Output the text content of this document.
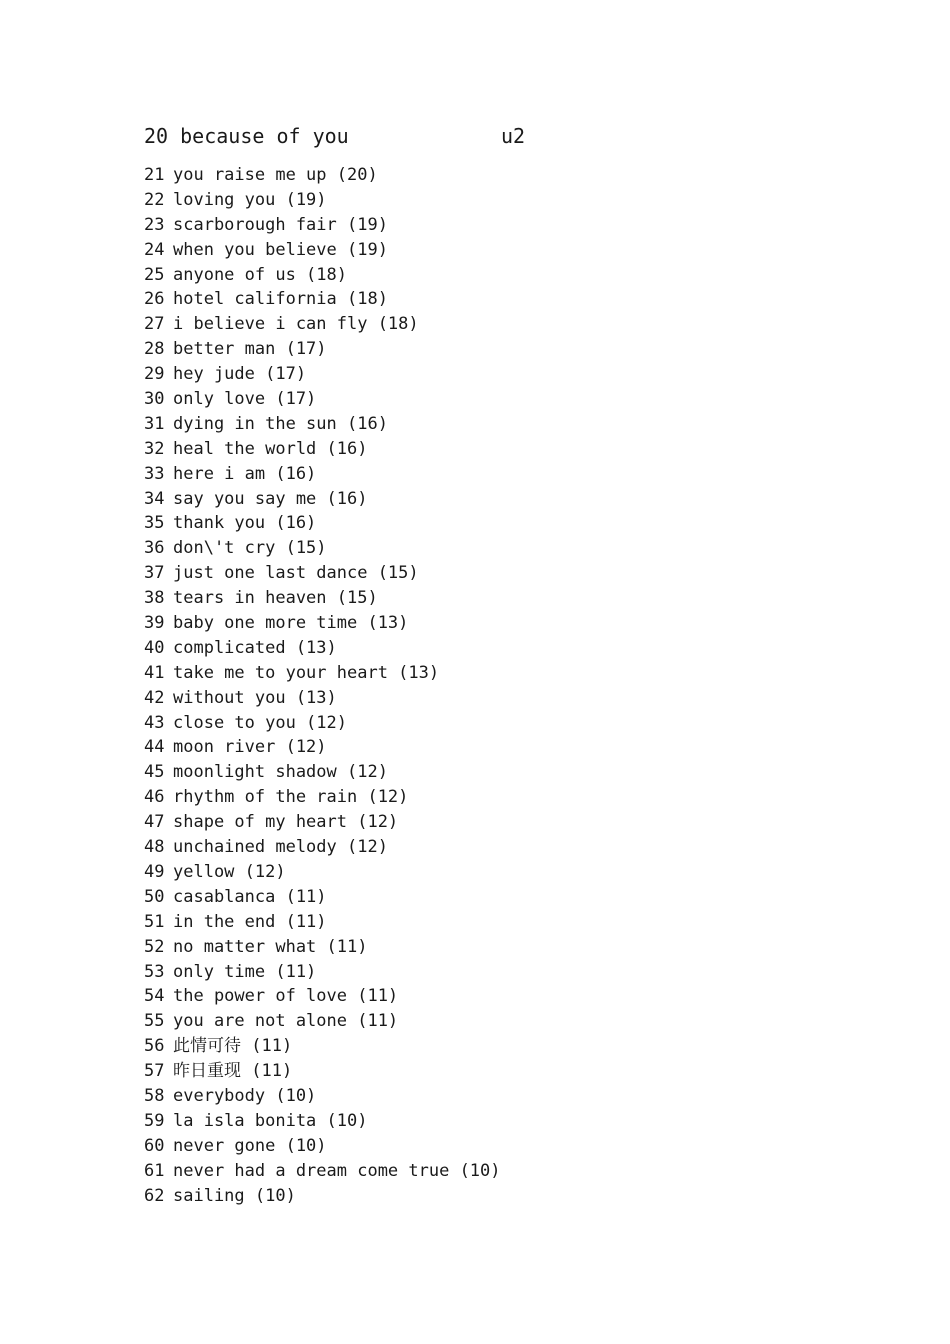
20 because of you	u2
21 you raise me up (20)
22 loving you (19)
23 scarborough fair (19)
24 when you believe (19)
25 anyone of us (18)
26 hotel california (18)
27 i believe i can fly (18)
28 better man (17)
29 hey jude (17)
30 only love (17)
31 dying in the sun (16)
32 heal the world (16)
33 here i am (16)
34 say you say me (16)
35 thank you (16)
36 don\'t cry (15)
37 just one last dance (15)
38 tears in heaven (15)
39 baby one more time (13)
40 complicated (13)
41 take me to your heart (13)
42 without you (13)
43 close to you (12)
44 moon river (12)
45 moonlight shadow (12)
46 rhythm of the rain (12)
47 shape of my heart (12)
48 unchained melody (12)
49 yellow (12)
50 casablanca (11)
51 in the end (11)
52 no matter what (11)
53 only time (11)
54 the power of love (11)
55 you are not alone (11)
56 此情可待 (11)
57 昨日重现 (11)
58 everybody (10)
59 la isla bonita (10)
60 never gone (10)
61 never had a dream come true (10)
62 sailing (10)
